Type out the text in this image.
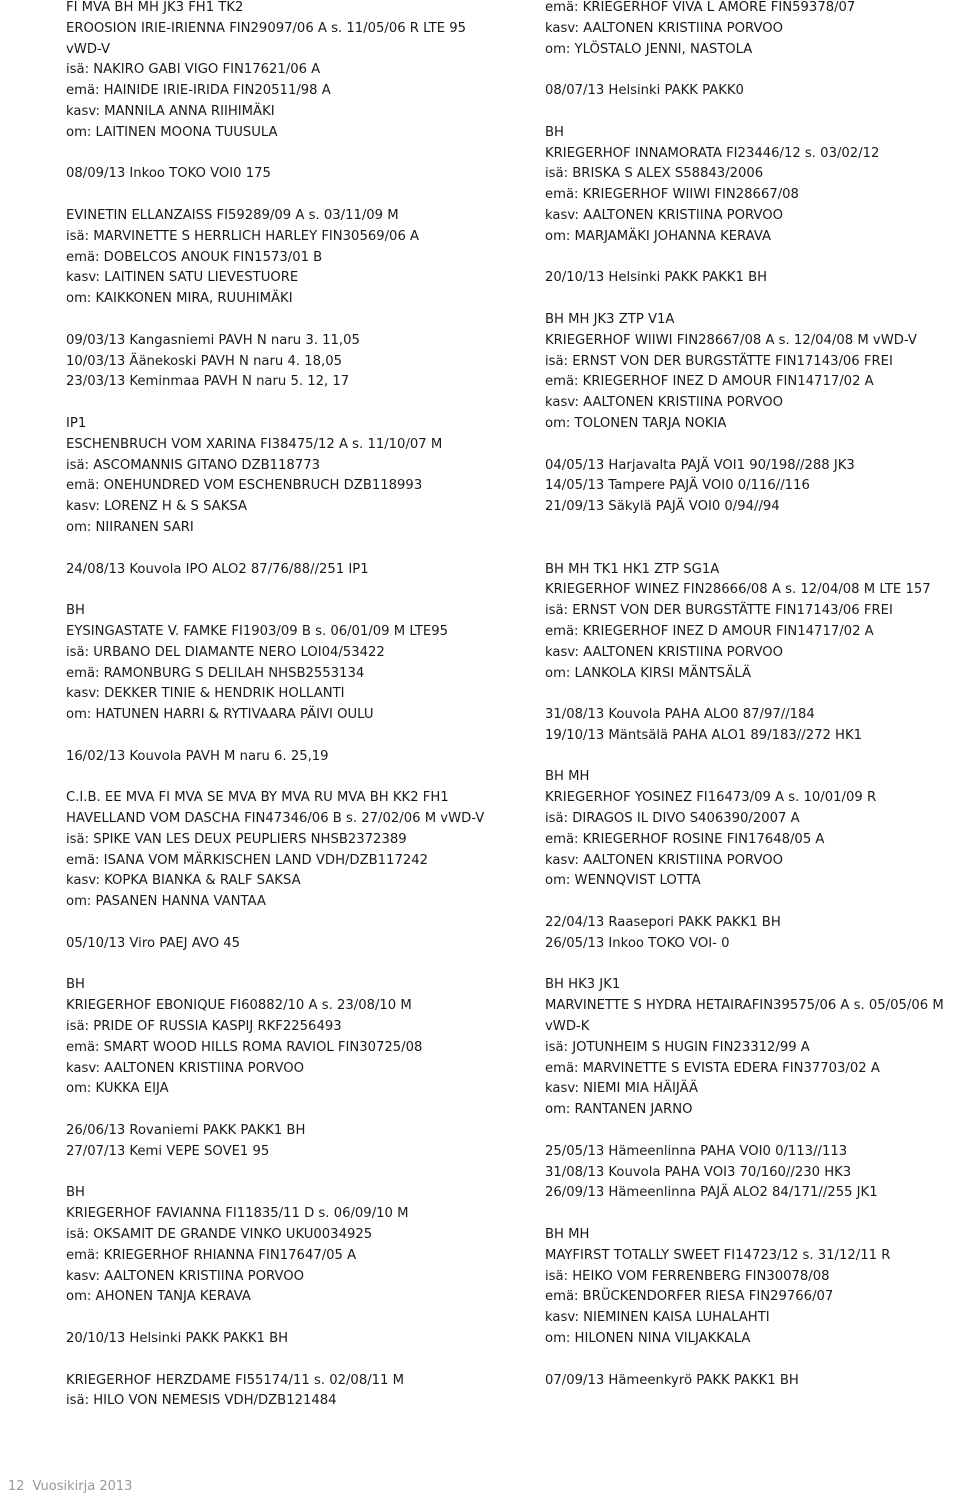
FI MVA BH MH JK3 FH1 TK2
EROOSION IRIE-IRIENNA FIN29097/06 A s. 11/05/06 R LTE 95
vWD-V
isä: NAKIRO GABI VIGO FIN17621/06 A
emä: HAINIDE IRIE-IRIDA FIN20511/98 A
kasv: MANNILA ANNA RIIHIMÄKI
om: LAITINEN MOONA TUUSULA
08/09/13 Inkoo TOKO VOI0 175
EVINETIN ELLANZAISS FI59289/09 A s. 03/11/09 M
isä: MARVINETTE S HERRLICH HARLEY FIN30569/06 A
emä: DOBELCOS ANOUK FIN1573/01 B
kasv: LAITINEN SATU LIEVESTUORE
om: KAIKKONEN MIRA, RUUHIMÄKI
09/03/13 Kangasniemi PAVH N naru 3. 11,05
10/03/13 Äänekoski PAVH N naru 4. 18,05
23/03/13 Keminmaa PAVH N naru 5. 12, 17
IP1
ESCHENBRUCH VOM XARINA FI38475/12 A s. 11/10/07 M
isä: ASCOMANNIS GITANO DZB118773
emä: ONEHUNDRED VOM ESCHENBRUCH DZB118993
kasv: LORENZ H & S SAKSA
om: NIIRANEN SARI
24/08/13 Kouvola IPO ALO2 87/76/88//251 IP1
BH
EYSINGASTATE V. FAMKE FI1903/09 B s. 06/01/09 M LTE95
isä: URBANO DEL DIAMANTE NERO LOI04/53422
emä: RAMONBURG S DELILAH NHSB2553134
kasv: DEKKER TINIE & HENDRIK HOLLANTI
om: HATUNEN HARRI & RYTIVAARA PÄIVI OULU
16/02/13 Kouvola PAVH M naru 6. 25,19
C.I.B. EE MVA FI MVA SE MVA BY MVA RU MVA BH KK2 FH1
HAVELLAND VOM DASCHA FIN47346/06 B s. 27/02/06 M vWD-V
isä: SPIKE VAN LES DEUX PEUPLIERS NHSB2372389
emä: ISANA VOM MÄRKISCHEN LAND VDH/DZB117242
kasv: KOPKA BIANKA & RALF SAKSA
om: PASANEN HANNA VANTAA
05/10/13 Viro PAEJ AVO 45
BH
KRIEGERHOF EBONIQUE FI60882/10 A s. 23/08/10 M
isä: PRIDE OF RUSSIA KASPIJ RKF2256493
emä: SMART WOOD HILLS ROMA RAVIOL FIN30725/08
kasv: AALTONEN KRISTIINA PORVOO
om: KUKKA EIJA
26/06/13 Rovaniemi PAKK PAKK1 BH
27/07/13 Kemi VEPE SOVE1 95
BH
KRIEGERHOF FAVIANNA FI11835/11 D s. 06/09/10 M
isä: OKSAMIT DE GRANDE VINKO UKU0034925
emä: KRIEGERHOF RHIANNA FIN17647/05 A
kasv: AALTONEN KRISTIINA PORVOO
om: AHONEN TANJA KERAVA
20/10/13 Helsinki PAKK PAKK1 BH
KRIEGERHOF HERZDAME FI55174/11 s. 02/08/11 M
isä: HILO VON NEMESIS VDH/DZB121484
emä: KRIEGERHOF VIVA L AMORE FIN59378/07
kasv: AALTONEN KRISTIINA PORVOO
om: YLÖSTALO JENNI, NASTOLA
08/07/13 Helsinki PAKK PAKK0
BH
KRIEGERHOF INNAMORATA FI23446/12 s. 03/02/12
isä: BRISKA S ALEX S58843/2006
emä: KRIEGERHOF WIIWI FIN28667/08
kasv: AALTONEN KRISTIINA PORVOO
om: MARJAMÄKI JOHANNA KERAVA
20/10/13 Helsinki PAKK PAKK1 BH
BH MH JK3 ZTP V1A
KRIEGERHOF WIIWI FIN28667/08 A s. 12/04/08 M vWD-V
isä: ERNST VON DER BURGSTÄTTE FIN17143/06 FREI
emä: KRIEGERHOF INEZ D AMOUR FIN14717/02 A
kasv: AALTONEN KRISTIINA PORVOO
om: TOLONEN TARJA NOKIA
04/05/13 Harjavalta PAJÄ VOI1 90/198//288 JK3
14/05/13 Tampere PAJÄ VOI0 0/116//116
21/09/13 Säkylä PAJÄ VOI0 0/94//94
BH MH TK1 HK1 ZTP SG1A
KRIEGERHOF WINEZ FIN28666/08 A s. 12/04/08 M LTE 157
isä: ERNST VON DER BURGSTÄTTE FIN17143/06 FREI
emä: KRIEGERHOF INEZ D AMOUR FIN14717/02 A
kasv: AALTONEN KRISTIINA PORVOO
om: LANKOLA KIRSI MÄNTSÄLÄ
31/08/13 Kouvola PAHA ALO0 87/97//184
19/10/13 Mäntsälä PAHA ALO1 89/183//272 HK1
BH MH
KRIEGERHOF YOSINEZ FI16473/09 A s. 10/01/09 R
isä: DIRAGOS IL DIVO S406390/2007 A
emä: KRIEGERHOF ROSINE FIN17648/05 A
kasv: AALTONEN KRISTIINA PORVOO
om: WENNQVIST LOTTA
22/04/13 Raasepori PAKK PAKK1 BH
26/05/13 Inkoo TOKO VOI- 0
BH HK3 JK1
MARVINETTE S HYDRA HETAIRAFIN39575/06 A s. 05/05/06 M
vWD-K
isä: JOTUNHEIM S HUGIN FIN23312/99 A
emä: MARVINETTE S EVISTA EDERA FIN37703/02 A
kasv: NIEMI MIA HÄIJÄÄ
om: RANTANEN JARNO
25/05/13 Hämeenlinna PAHA VOI0 0/113//113
31/08/13 Kouvola PAHA VOI3 70/160//230 HK3
26/09/13 Hämeenlinna PAJÄ ALO2 84/171//255 JK1
BH MH
MAYFIRST TOTALLY SWEET FI14723/12 s. 31/12/11 R
isä: HEIKO VOM FERRENBERG FIN30078/08
emä: BRÜCKENDORFER RIESA FIN29766/07
kasv: NIEMINEN KAISA LUHALAHTI
om: HILONEN NINA VILJAKKALA
07/09/13 Hämeenkyrö PAKK PAKK1 BH
12 Vuosikirja 2013
